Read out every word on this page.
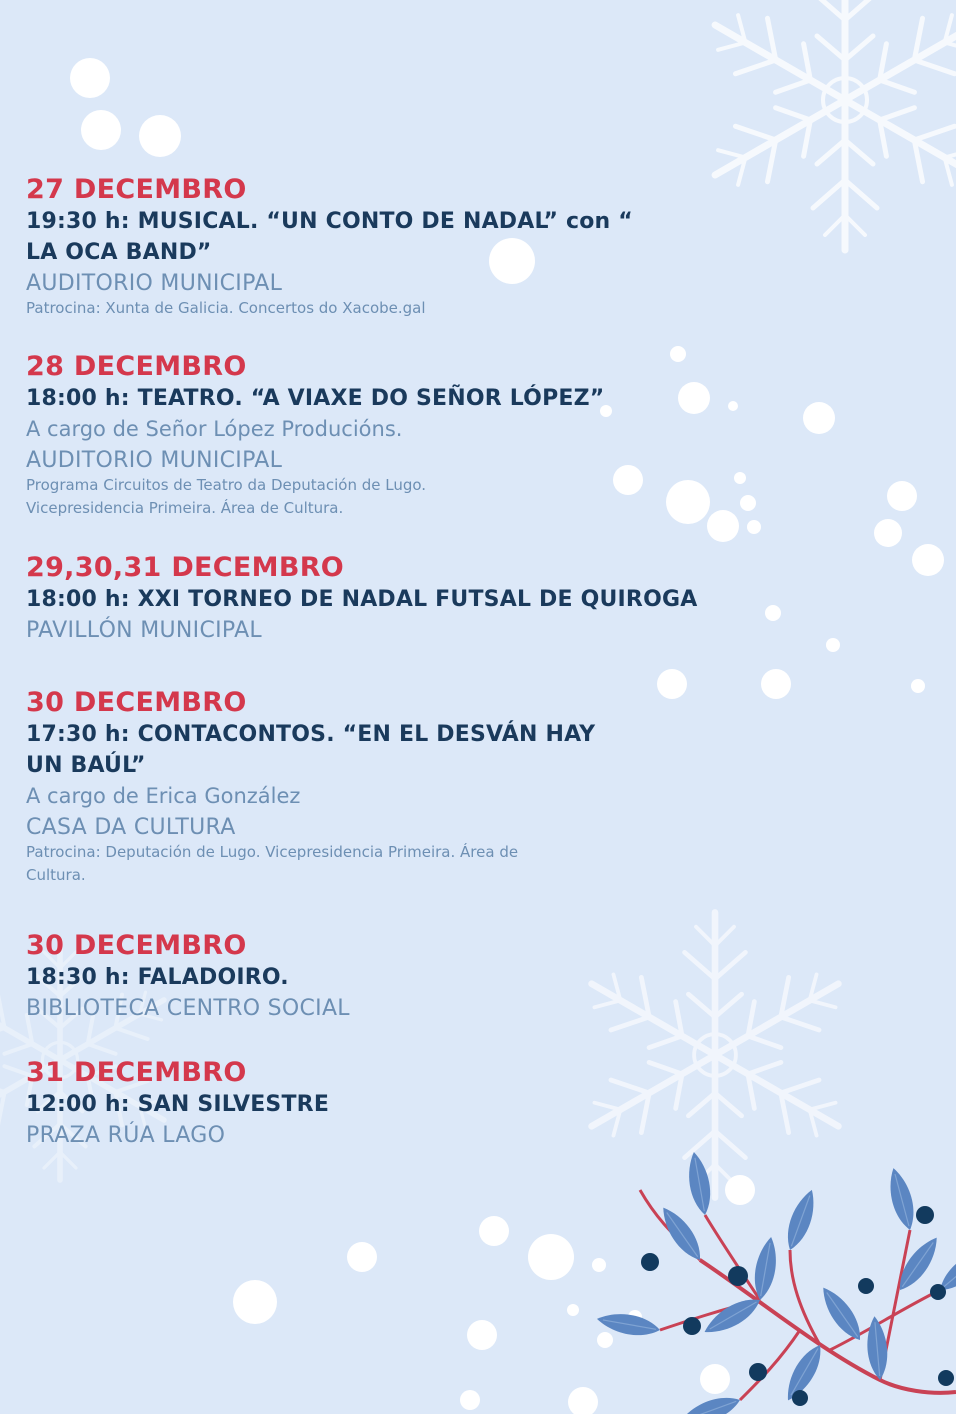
27 DECEMBRO
19:30 h: MUSICAL. “UN CONTO DE NADAL” con “
LA OCA BAND”
AUDITORIO MUNICIPAL
Patrocina: Xunta de Galicia. Concertos do Xacobe.gal
28 DECEMBRO
18:00 h: TEATRO. “A VIAXE DO SEÑOR LÓPEZ”
A cargo de Señor López Producións.
AUDITORIO MUNICIPAL
Programa Circuitos de Teatro da Deputación de Lugo.
Vicepresidencia Primeira. Área de Cultura.
29,30,31 DECEMBRO
18:00 h: XXI TORNEO DE NADAL FUTSAL DE QUIROGA
PAVILLÓN MUNICIPAL
30 DECEMBRO
17:30 h: CONTACONTOS. “EN EL DESVÁN HAY
UN BAÚL”
A cargo de Erica González
CASA DA CULTURA
Patrocina: Deputación de Lugo. Vicepresidencia Primeira. Área de
Cultura.
30 DECEMBRO
18:30 h: FALADOIRO.
BIBLIOTECA CENTRO SOCIAL
31 DECEMBRO
12:00 h: SAN SILVESTRE
PRAZA RÚA LAGO
